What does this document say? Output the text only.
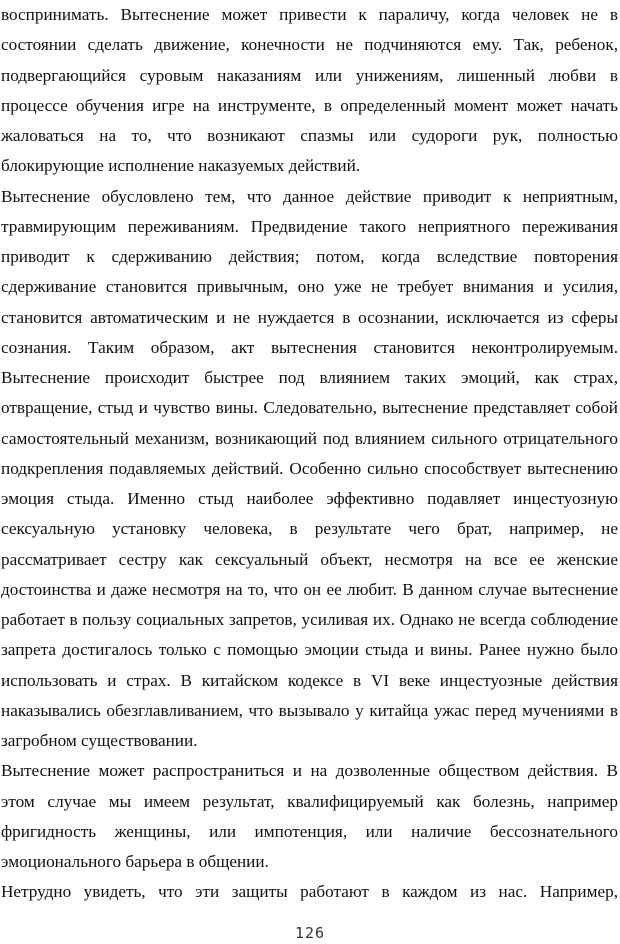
воспринимать. Вытеснение может привести к параличу, когда человек не в состоянии сделать движение, конечности не подчиняются ему. Так, ребенок, подвергающийся суровым наказаниям или унижениям, лишенный любви в процессе обучения игре на инструменте, в определенный момент может начать жаловаться на то, что возникают спазмы или судороги рук, полностью блокирующие исполнение наказуемых действий.

Вытеснение обусловлено тем, что данное действие приводит к неприятным, травмирующим переживаниям. Предвидение такого неприятного переживания приводит к сдерживанию действия; потом, когда вследствие повторения сдерживание становится привычным, оно уже не требует внимания и усилия, становится автоматическим и не нуждается в осознании, исключается из сферы сознания. Таким образом, акт вытеснения становится неконтролируемым. Вытеснение происходит быстрее под влиянием таких эмоций, как страх, отвращение, стыд и чувство вины. Следовательно, вытеснение представляет собой самостоятельный механизм, возникающий под влиянием сильного отрицательного подкрепления подавляемых действий. Особенно сильно способствует вытеснению эмоция стыда. Именно стыд наиболее эффективно подавляет инцестуозную сексуальную установку человека, в результате чего брат, например, не рассматривает сестру как сексуальный объект, несмотря на все ее женские достоинства и даже несмотря на то, что он ее любит. В данном случае вытеснение работает в пользу социальных запретов, усиливая их. Однако не всегда соблюдение запрета достигалось только с помощью эмоции стыда и вины. Ранее нужно было использовать и страх. В китайском кодексе в VI веке инцестуозные действия наказывались обезглавливанием, что вызывало у китайца ужас перед мучениями в загробном существовании.

Вытеснение может распространиться и на дозволенные обществом действия. В этом случае мы имеем результат, квалифицируемый как болезнь, например фригидность женщины, или импотенция, или наличие бессознательного эмоционального барьера в общении.

Нетрудно увидеть, что эти защиты работают в каждом из нас. Например,

126
